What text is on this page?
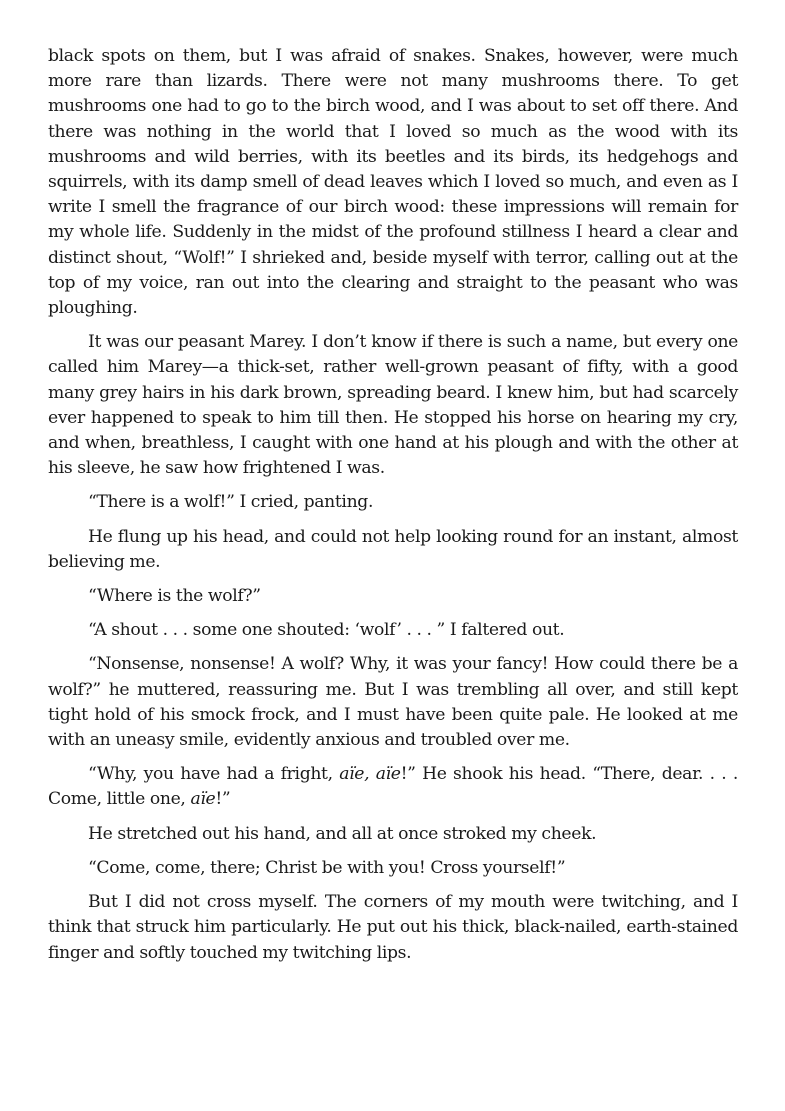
black spots on them, but I was afraid of snakes. Snakes, however, were much more rare than lizards. There were not many mushrooms there. To get mushrooms one had to go to the birch wood, and I was about to set off there. And there was nothing in the world that I loved so much as the wood with its mushrooms and wild berries, with its beetles and its birds, its hedgehogs and squirrels, with its damp smell of dead leaves which I loved so much, and even as I write I smell the fragrance of our birch wood: these impressions will remain for my whole life. Suddenly in the midst of the profound stillness I heard a clear and distinct shout, “Wolf!” I shrieked and, beside myself with terror, calling out at the top of my voice, ran out into the clearing and straight to the peasant who was ploughing.

It was our peasant Marey. I don’t know if there is such a name, but every one called him Marey—a thick-set, rather well-grown peasant of fifty, with a good many grey hairs in his dark brown, spreading beard. I knew him, but had scarcely ever happened to speak to him till then. He stopped his horse on hearing my cry, and when, breathless, I caught with one hand at his plough and with the other at his sleeve, he saw how frightened I was.

“There is a wolf!” I cried, panting.

He flung up his head, and could not help looking round for an instant, almost believing me.

“Where is the wolf?”

“A shout . . . some one shouted: ‘wolf’ . . . ” I faltered out.

“Nonsense, nonsense! A wolf? Why, it was your fancy! How could there be a wolf?” he muttered, reassuring me. But I was trembling all over, and still kept tight hold of his smock frock, and I must have been quite pale. He looked at me with an uneasy smile, evidently anxious and troubled over me.

“Why, you have had a fright, aïe, aïe!” He shook his head. “There, dear. . . . Come, little one, aïe!”

He stretched out his hand, and all at once stroked my cheek.

“Come, come, there; Christ be with you! Cross yourself!”

But I did not cross myself. The corners of my mouth were twitching, and I think that struck him particularly. He put out his thick, black-nailed, earth-stained finger and softly touched my twitching lips.
